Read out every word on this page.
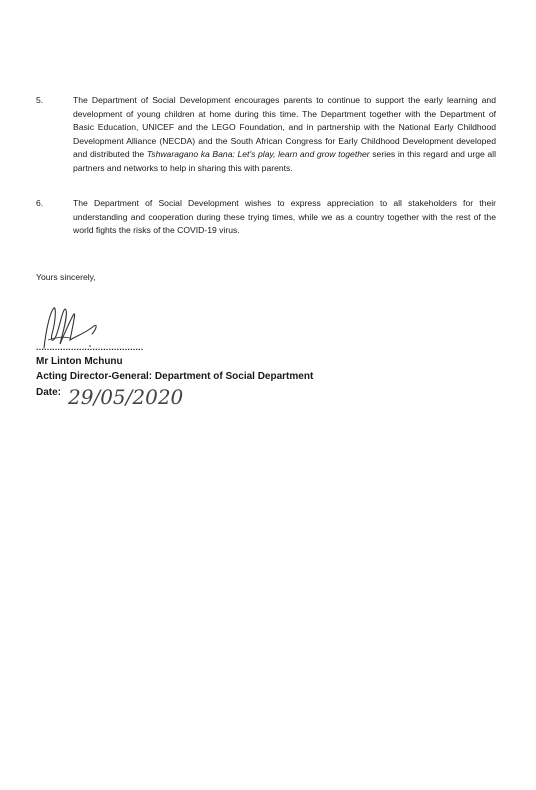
5.	The Department of Social Development encourages parents to continue to support the early learning and development of young children at home during this time. The Department together with the Department of Basic Education, UNICEF and the LEGO Foundation, and in partnership with the National Early Childhood Development Alliance (NECDA) and the South African Congress for Early Childhood Development developed and distributed the Tshwaragano ka Bana: Let's play, learn and grow together series in this regard and urge all partners and networks to help in sharing this with parents.
6.	The Department of Social Development wishes to express appreciation to all stakeholders for their understanding and cooperation during these trying times, while we as a country together with the rest of the world fights the risks of the COVID-19 virus.
Yours sincerely,
........................................
Mr Linton Mchunu
Acting Director-General: Department of Social Department
Date: 29/05/2020
